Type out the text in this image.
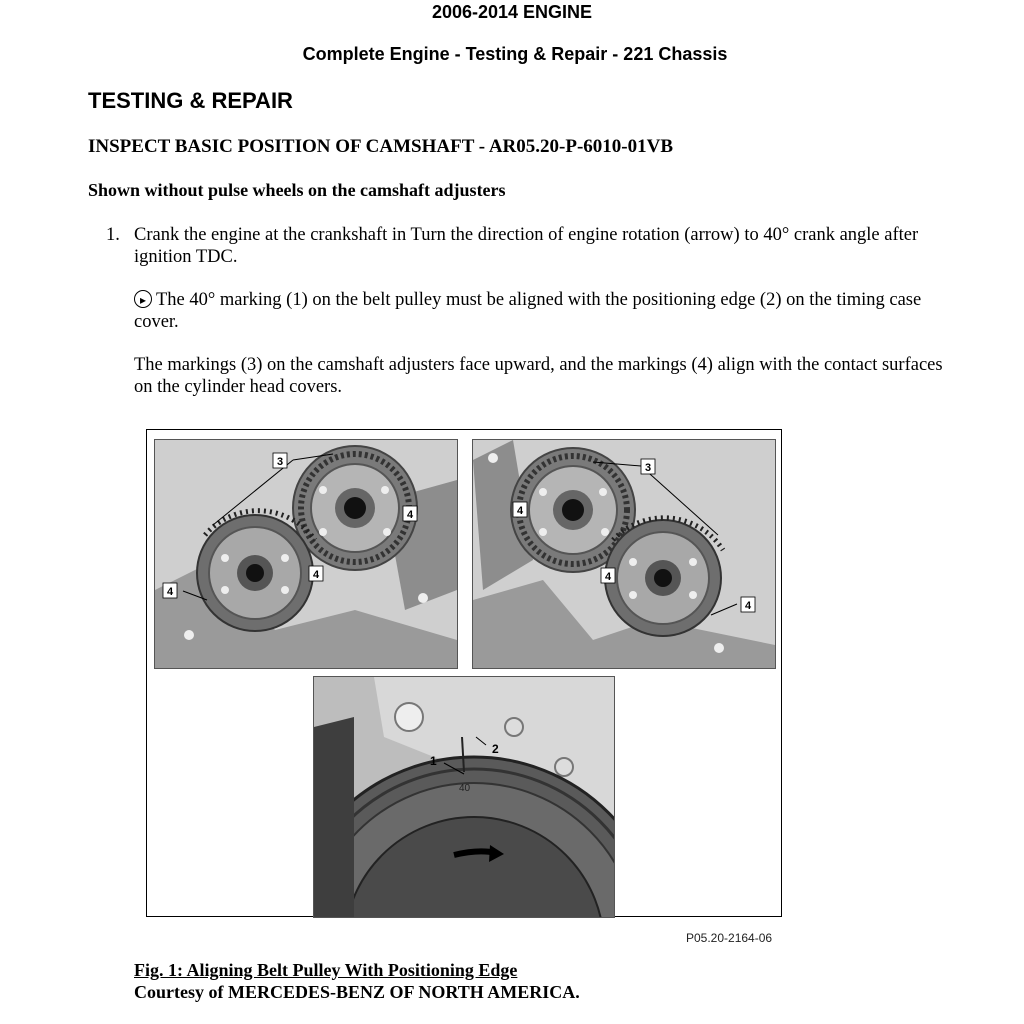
2006-2014 ENGINE
Complete Engine - Testing & Repair - 221 Chassis
TESTING & REPAIR
INSPECT BASIC POSITION OF CAMSHAFT - AR05.20-P-6010-01VB
Shown without pulse wheels on the camshaft adjusters
1. Crank the engine at the crankshaft in Turn the direction of engine rotation (arrow) to 40° crank angle after ignition TDC.
▸ The 40° marking (1) on the belt pulley must be aligned with the positioning edge (2) on the timing case cover.
The markings (3) on the camshaft adjusters face upward, and the markings (4) align with the contact surfaces on the cylinder head covers.
3
4
4
4
3
4
4
4
1
2
40
P05.20-2164-06
Fig. 1: Aligning Belt Pulley With Positioning Edge
Courtesy of MERCEDES-BENZ OF NORTH AMERICA.
